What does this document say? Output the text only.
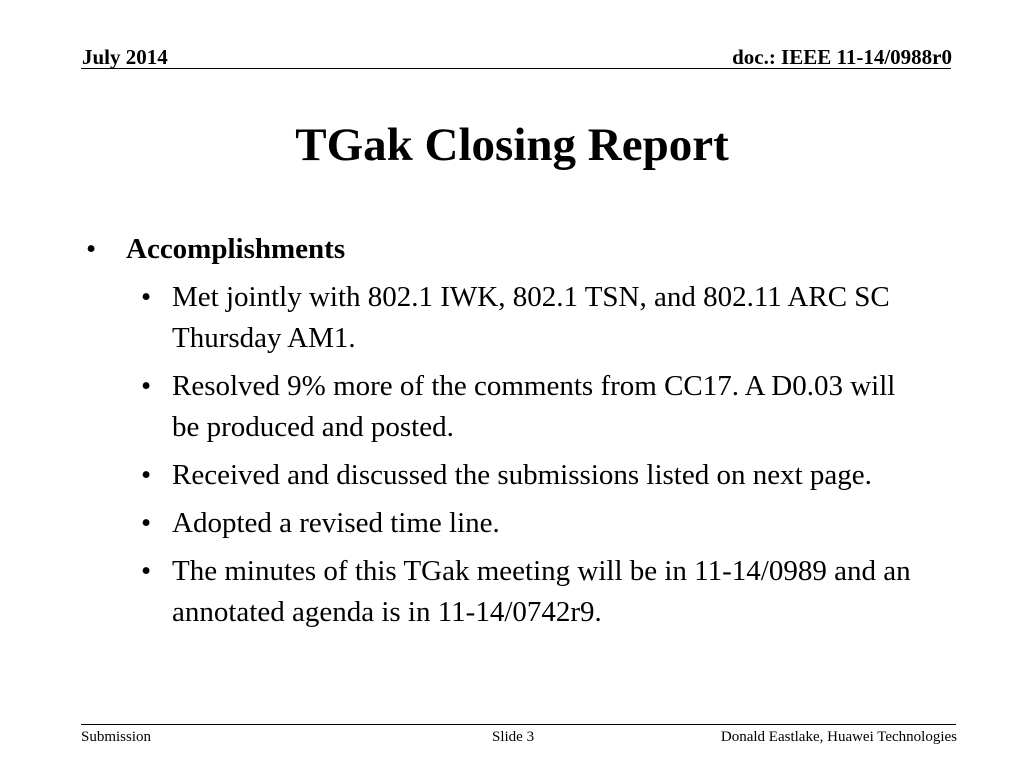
July 2014	doc.: IEEE 11-14/0988r0
TGak Closing Report
•	Accomplishments
• Met jointly with 802.1 IWK, 802.1 TSN, and 802.11 ARC SC Thursday AM1.
• Resolved 9% more of the comments from CC17. A D0.03 will be produced and posted.
• Received and discussed the submissions listed on next page.
• Adopted a revised time line.
• The minutes of this TGak meeting will be in 11-14/0989 and an annotated agenda is in 11-14/0742r9.
Submission	Slide 3	Donald Eastlake, Huawei Technologies
